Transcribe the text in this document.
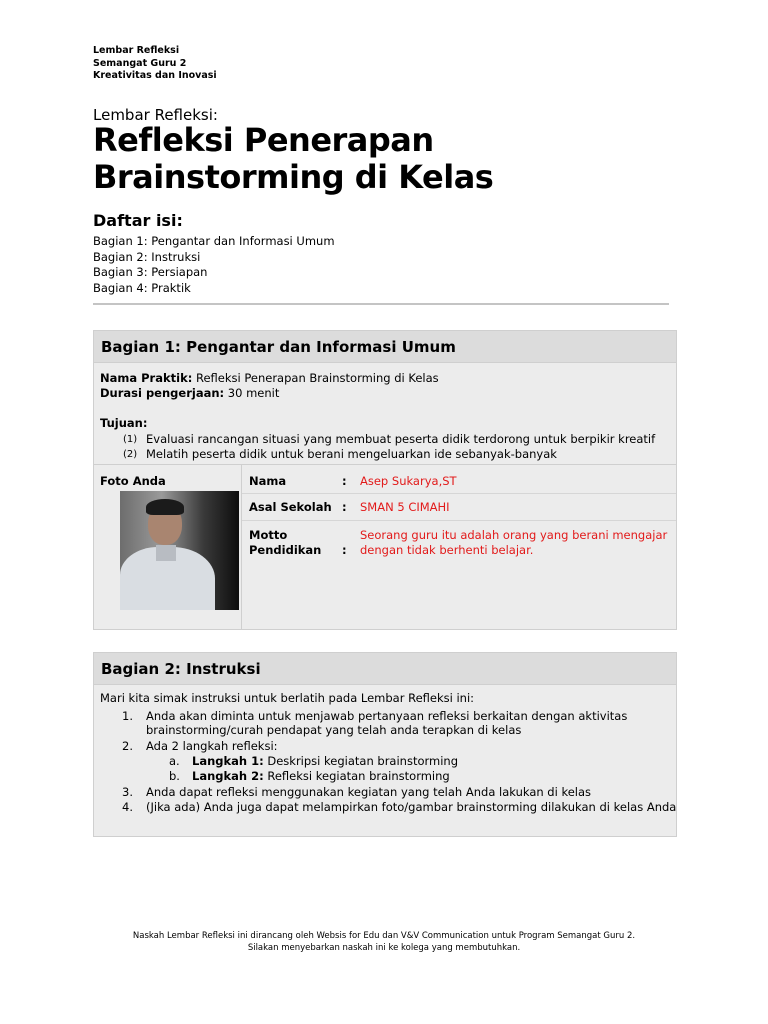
Lembar Refleksi
Semangat Guru 2
Kreativitas dan Inovasi
Lembar Refleksi:
Refleksi Penerapan
Brainstorming di Kelas
Daftar isi:
Bagian 1: Pengantar dan Informasi Umum
Bagian 2: Instruksi
Bagian 3: Persiapan
Bagian 4: Praktik
Bagian 1: Pengantar dan Informasi Umum
Nama Praktik: Refleksi Penerapan Brainstorming di Kelas
Durasi pengerjaan: 30 menit
Tujuan:
(1) Evaluasi rancangan situasi yang membuat peserta didik terdorong untuk berpikir kreatif
(2) Melatih peserta didik untuk berani mengeluarkan ide sebanyak-banyak
Foto Anda	Nama	: Asep Sukarya,ST
Asal Sekolah : SMAN 5 CIMAHI
Motto
Pendidikan :
Seorang guru itu adalah orang yang berani mengajar
dengan tidak berhenti belajar.
Bagian 2: Instruksi
Mari kita simak instruksi untuk berlatih pada Lembar Refleksi ini:
1. Anda akan diminta untuk menjawab pertanyaan refleksi berkaitan dengan aktivitas
brainstorming/curah pendapat yang telah anda terapkan di kelas
2. Ada 2 langkah refleksi:
a. Langkah 1: Deskripsi kegiatan brainstorming
b. Langkah 2: Refleksi kegiatan brainstorming
3. Anda dapat refleksi menggunakan kegiatan yang telah Anda lakukan di kelas
4. (Jika ada) Anda juga dapat melampirkan foto/gambar brainstorming dilakukan di kelas Anda
Naskah Lembar Refleksi ini dirancang oleh Websis for Edu dan V&V Communication untuk Program Semangat Guru 2.
Silakan menyebarkan naskah ini ke kolega yang membutuhkan.
